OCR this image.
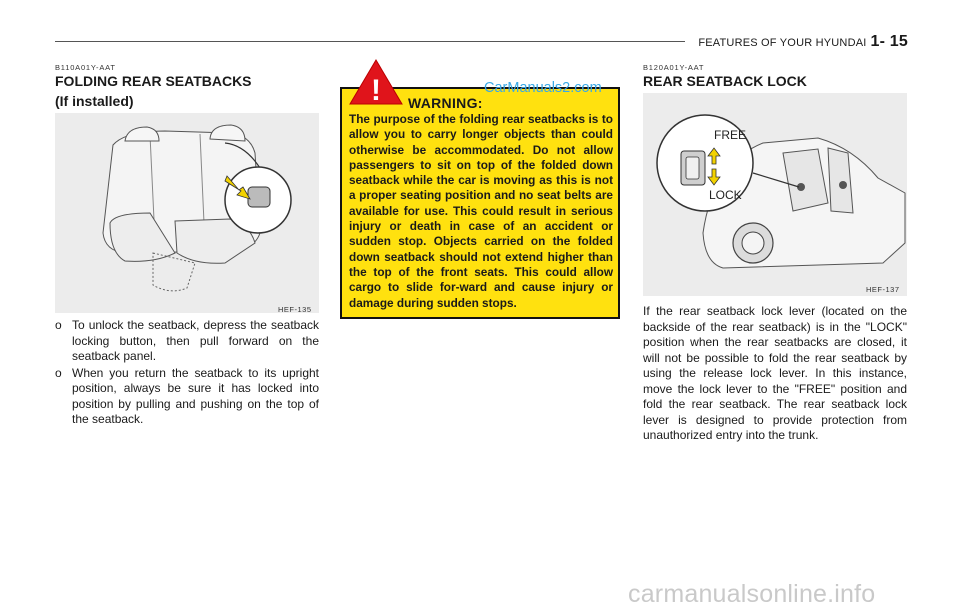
FEATURES OF YOUR HYUNDAI 1- 15
B110A01Y-AAT
FOLDING REAR SEATBACKS
(If installed)
HEF-135
o To unlock the seatback, depress the seatback locking button, then pull forward on the seatback panel.
o When you return the seatback to its upright position, always be sure it has locked into position by pulling and pushing on the top of the seatback.
WARNING:
The purpose of the folding rear seatbacks is to allow you to carry longer objects than could otherwise be accommodated. Do not allow passengers to sit on top of the folded down seatback while the car is moving as this is not a proper seating position and no seat belts are available for use. This could result in serious injury or death in case of an accident or sudden stop. Objects carried on the folded down seatback should not extend higher than the top of the front seats. This could allow cargo to slide for-ward and cause injury or damage during sudden stops.
!	CarManuals2.com
B120A01Y-AAT
REAR SEATBACK LOCK
FREE
LOCK
HEF-137

If the rear seatback lock lever (located on the backside of the rear seatback) is in the "LOCK" position when the rear seatbacks are closed, it will not be possible to fold the rear seatback by using the release lock lever. In this instance, move the lock lever to the "FREE" position and fold the rear seatback. The rear seatback lock lever is designed to provide protection from unauthorized entry into the trunk.

carmanualsonline.info
